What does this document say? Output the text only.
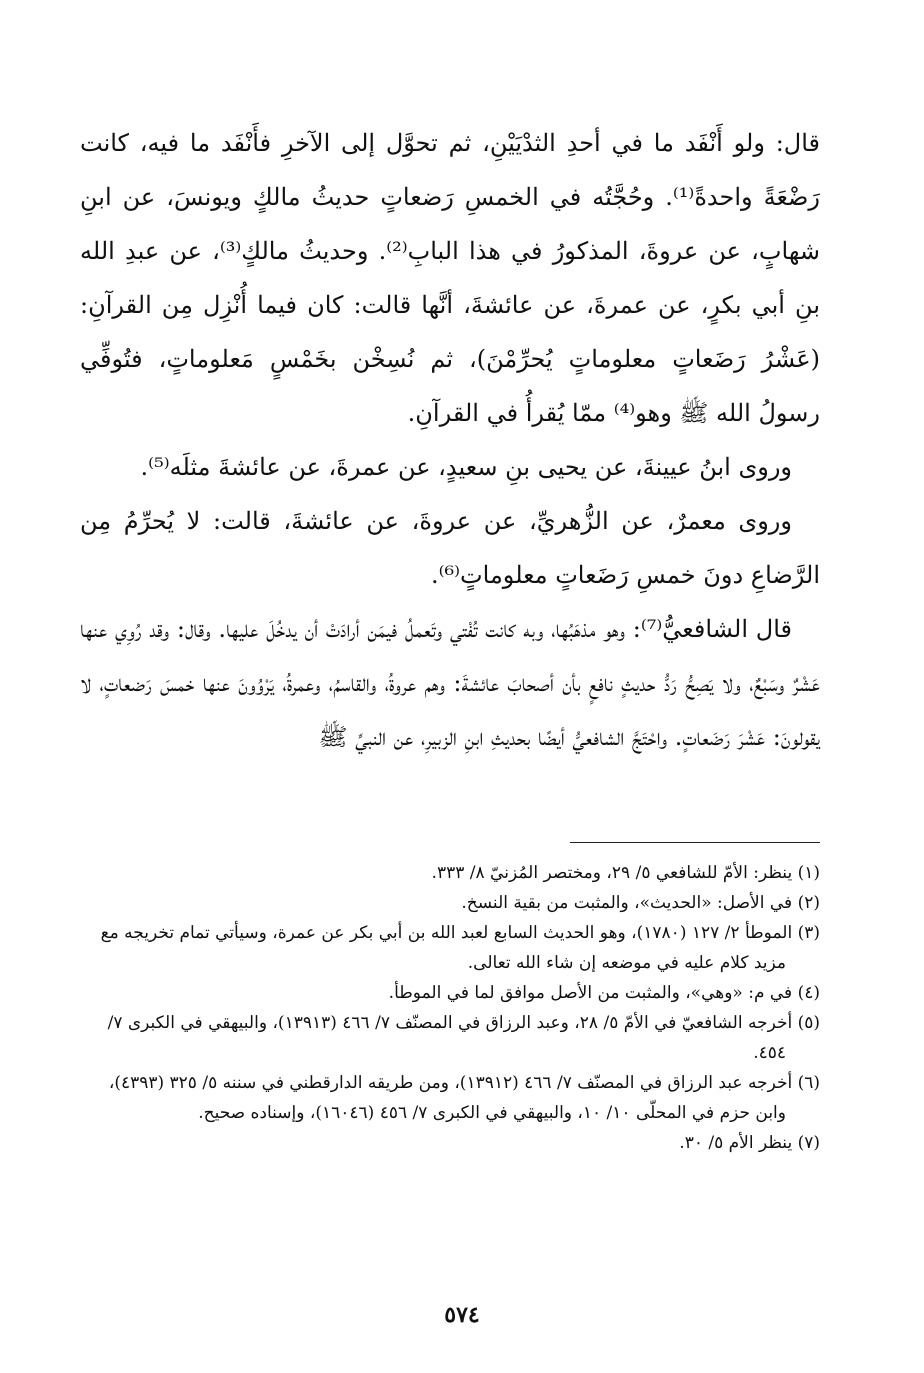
قال: ولو أَنْفَد ما في أحدِ الثدْيَيْنِ، ثم تحوَّل إلى الآخرِ فأَنْفَد ما فيه، كانت رَضْعَةً واحدةً⁽¹⁾. وحُجَّتُه في الخمسِ رَضعاتٍ حديثُ مالكٍ ويونسَ، عن ابنِ شهابٍ، عن عروةَ، المذكورُ في هذا البابِ⁽²⁾. وحديثُ مالكٍ⁽³⁾، عن عبدِ الله بنِ أبي بكرٍ، عن عمرةَ، عن عائشةَ، أنَّها قالت: كان فيما أُنْزِل مِن القرآنِ: (عَشْرُ رَضَعاتٍ معلوماتٍ يُحرِّمْنَ)، ثم نُسِخْن بخَمْسٍ مَعلوماتٍ، فتُوفِّي رسولُ الله ﷺ وهو⁽⁴⁾ ممّا يُقرأُ في القرآنِ.

وروى ابنُ عيينةَ، عن يحيى بنِ سعيدٍ، عن عمرةَ، عن عائشةَ مثلَه⁽⁵⁾.

وروى معمرٌ، عن الزُّهريِّ، عن عروةَ، عن عائشةَ، قالت: لا يُحرِّمُ مِن الرَّضاعِ دونَ خمسِ رَضَعاتٍ معلوماتٍ⁽⁶⁾.

قال الشافعيُّ⁽⁷⁾: وهو مذهَبُها، وبه كانت تُفْتي وتَعملُ فيمَن أرادَتْ أن يدخُلَ عليها. وقال: وقد رُوِي عنها عَشْرٌ وسَبْعٌ، ولا يَصِحُّ رَدُّ حديثٍ نافعٍ بأن أصحابَ عائشةَ: وهم عروةُ، والقاسمُ، وعمرةُ، يَرْوُونَ عنها خمسَ رَضعاتٍ، لا يقولونَ: عَشْرَ رَضَعاتٍ. واحْتَجَّ الشافعيُّ أيضًا بحديثِ ابنِ الزبيرِ، عن النبيِّ ﷺ

(١) ينظر: الأمّ للشافعي ٥/ ٢٩، ومختصر المُزنيّ ٨/ ٣٣٣.

(٢) في الأصل: «الحديث»، والمثبت من بقية النسخ.

(٣) الموطأ ٢/ ١٢٧ (١٧٨٠)، وهو الحديث السابع لعبد الله بن أبي بكر عن عمرة، وسيأتي تمام تخريجه مع مزيد كلام عليه في موضعه إن شاء الله تعالى.

(٤) في م: «وهي»، والمثبت من الأصل موافق لما في الموطأ.

(٥) أخرجه الشافعيّ في الأمّ ٥/ ٢٨، وعبد الرزاق في المصنّف ٧/ ٤٦٦ (١٣٩١٣)، والبيهقي في الكبرى ٧/ ٤٥٤.

(٦) أخرجه عبد الرزاق في المصنّف ٧/ ٤٦٦ (١٣٩١٢)، ومن طريقه الدارقطني في سننه ٥/ ٣٢٥ (٤٣٩٣)، وابن حزم في المحلّى ١٠/ ١٠، والبيهقي في الكبرى ٧/ ٤٥٦ (١٦٠٤٦)، وإسناده صحيح.

(٧) ينظر الأم ٥/ ٣٠.

٥٧٤
